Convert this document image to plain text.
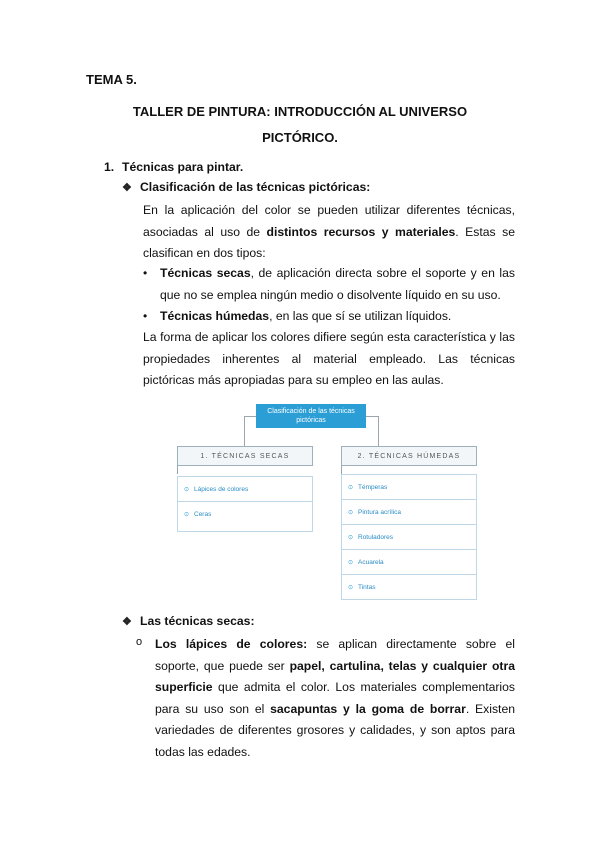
TEMA 5.
TALLER DE PINTURA: INTRODUCCIÓN AL UNIVERSO
PICTÓRICO.
1. Técnicas para pintar.
❖ Clasificación de las técnicas pictóricas:
En la aplicación del color se pueden utilizar diferentes técnicas, asociadas al uso de distintos recursos y materiales. Estas se clasifican en dos tipos:
•	Técnicas secas, de aplicación directa sobre el soporte y en las que no se emplea ningún medio o disolvente líquido en su uso.
•	Técnicas húmedas, en las que sí se utilizan líquidos.
La forma de aplicar los colores difiere según esta característica y las propiedades inherentes al material empleado. Las técnicas pictóricas más apropiadas para su empleo en las aulas.
Clasificación de las técnicas pictóricas
1. TÉCNICAS SECAS
⊙ Lápices de colores
⊙ Ceras
2. TÉCNICAS HÚMEDAS
⊙ Témperas
⊙ Pintura acrílica
⊙ Rotuladores
⊙ Acuarela
⊙ Tintas
❖ Las técnicas secas:
o Los lápices de colores: se aplican directamente sobre el soporte, que puede ser papel, cartulina, telas y cualquier otra superficie que admita el color. Los materiales complementarios para su uso son el sacapuntas y la goma de borrar. Existen variedades de diferentes grosores y calidades, y son aptos para todas las edades.
